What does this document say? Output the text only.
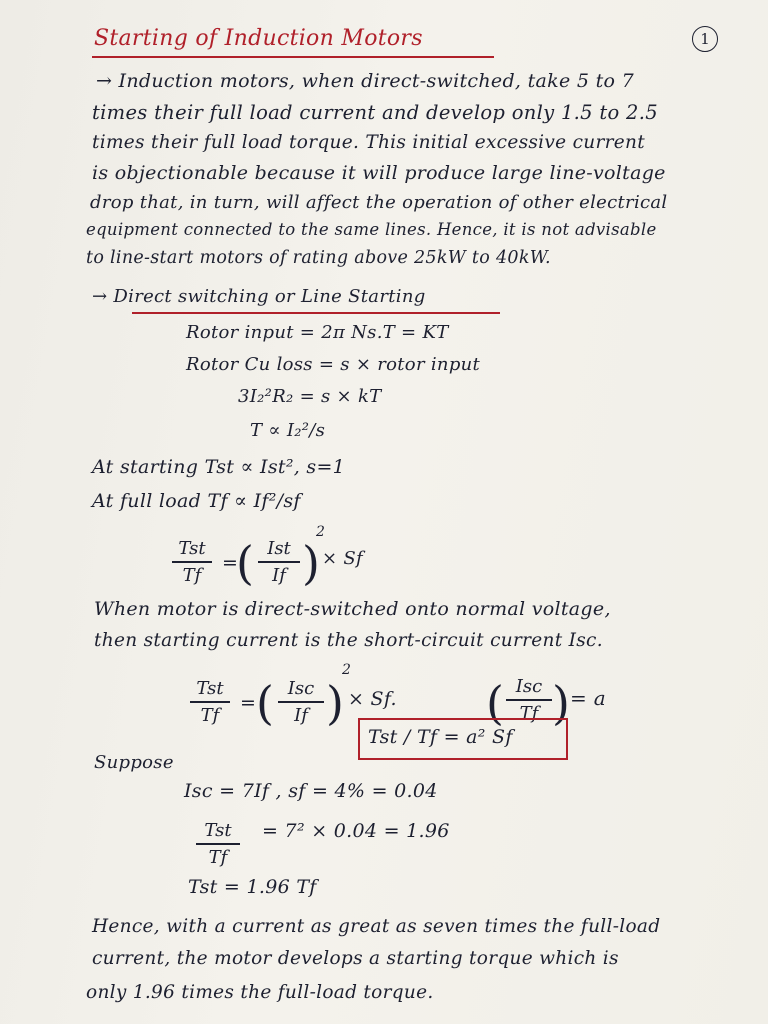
Starting of Induction Motors	1
→ Induction motors, when direct-switched, take 5 to 7
times their full load current and develop only 1.5 to 2.5
times their full load torque. This initial excessive current
is objectionable because it will produce large line-voltage
drop that, in turn, will affect the operation of other electrical
equipment connected to the same lines. Hence, it is not advisable
to line-start motors of rating above 25kW to 40kW.
→ Direct switching or Line Starting
Rotor input = 2π Ns.T = KT
Rotor Cu loss = s × rotor input
3I₂²R₂ = s × kT
T ∝ I₂²/s
At starting Tst ∝ Ist², s=1
At full load Tf ∝ If²/sf
Tst
Tf
=
( Ist
If )
2
× Sf
When motor is direct-switched onto normal voltage,
then starting current is the short-circuit current Isc.
Tst
Tf
= ( Isc
If )
2
× Sf. ( Isc
Tf ) = a
Tst / Tf = a² Sf
Suppose
Isc = 7If , sf = 4% = 0.04
Tst
Tf
= 7² × 0.04 = 1.96
Tst = 1.96 Tf
Hence, with a current as great as seven times the full-load
current, the motor develops a starting torque which is
only 1.96 times the full-load torque.
